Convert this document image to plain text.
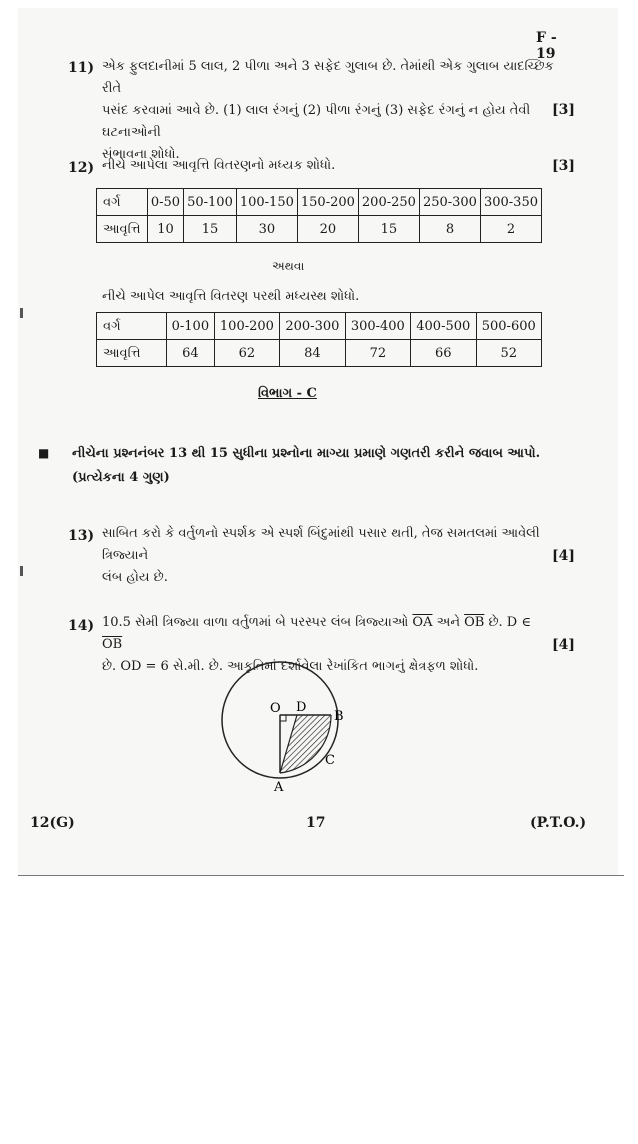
F - 19
11) એક ફુલદાનીમાં 5 લાલ, 2 પીળા અને 3 સફેદ ગુલાબ છે. તેમાંથી એક ગુલાબ યાદચ્છિક રીતે
પસંદ કરવામાં આવે છે. (1) લાલ રંગનું (2) પીળા રંગનું (3) સફેદ રંગનું ન હોય તેવી ઘટનાઓની
સંભાવના શોધો.
[3]
12) નીચે આપેલા આવૃત્તિ વિતરણનો મધ્યક શોધો.	[3]
વર્ગ	0-50	50-100	100-150	150-200	200-250	250-300	300-350
આવૃત્તિ	10	15	30	20	15	8	2
અથવા
નીચે આપેલ આવૃત્તિ વિતરણ પરથી મધ્યસ્થ શોધો.
વર્ગ	0-100	100-200	200-300	300-400	400-500	500-600
આવૃત્તિ	64	62	84	72	66	52
વિભાગ - C
■ નીચેના પ્રશ્નનંબર 13 થી 15 સુધીના પ્રશ્નોના માગ્યા પ્રમાણે ગણતરી કરીને જવાબ આપો.
(પ્રત્યેકના 4 ગુણ)
13) સાબિત કરો કે વર્તુળનો સ્પર્શક એ સ્પર્શ બિંદુમાંથી પસાર થતી, તેજ સમતલમાં આવેલી ત્રિજ્યાને
લંબ હોય છે.
[4]
14) 10.5 સેમી ત્રિજ્યા વાળા વર્તુળમાં બે પરસ્પર લંબ ત્રિજ્યાઓ $\overline{OA}$ અને $\overline{OB}$ છે. D ∈ $\overline{OB}$
છે. OD = 6 સે.મી. છે. આકૃતિમાં દર્શાવેલા રેખાંકિત ભાગનું ક્ષેત્રફળ શોધો.
[4]
O D
B
C
A
12(G)	17	(P.T.O.)
